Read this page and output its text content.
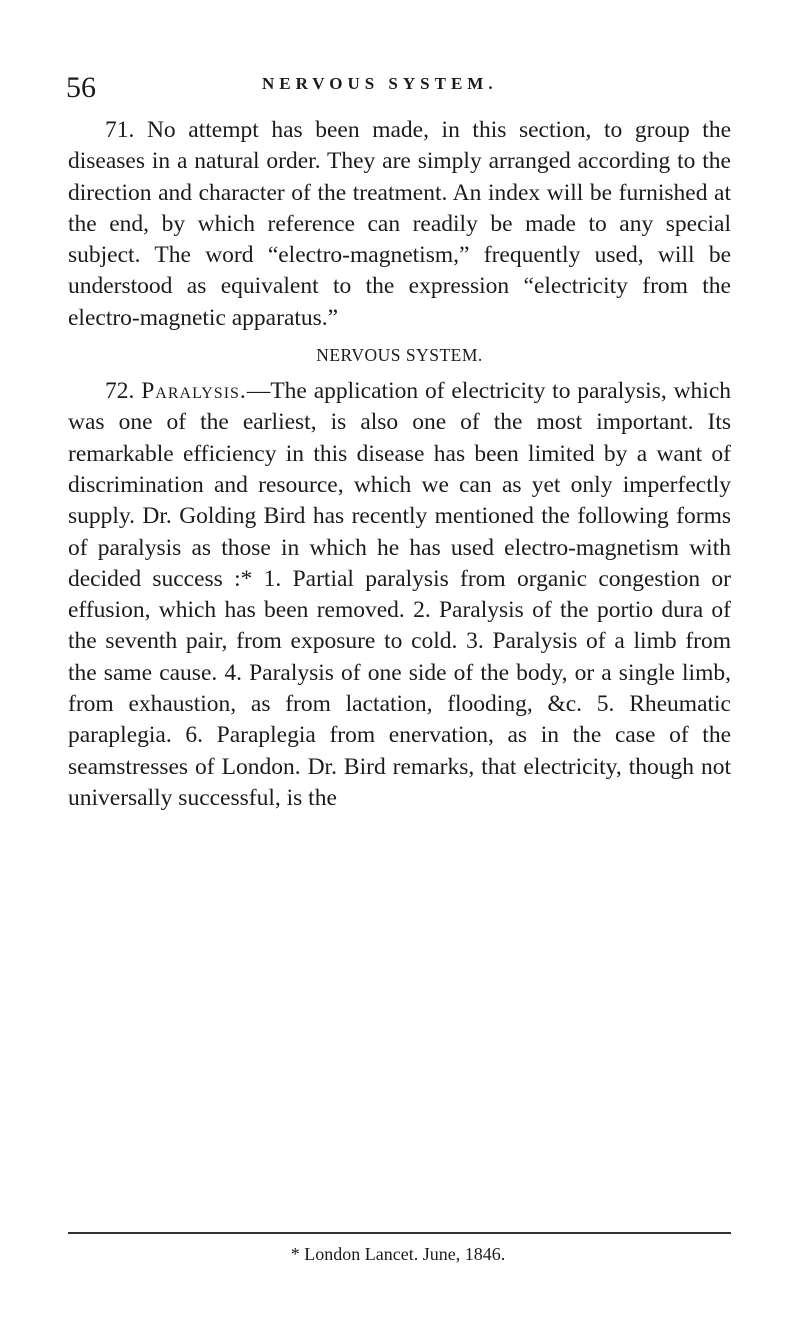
56	NERVOUS SYSTEM.

71. No attempt has been made, in this section, to group the diseases in a natural order. They are simply arranged according to the direction and character of the treatment. An index will be furnished at the end, by which reference can readily be made to any special subject. The word “electro-magnetism,” frequently used, will be understood as equivalent to the expression “electricity from the electro-magnetic apparatus.”

NERVOUS SYSTEM.

72. Paralysis.—The application of electricity to paralysis, which was one of the earliest, is also one of the most important. Its remarkable efficiency in this disease has been limited by a want of discrimination and resource, which we can as yet only imperfectly supply. Dr. Golding Bird has recently mentioned the following forms of paralysis as those in which he has used electro-magnetism with decided success :* 1. Partial paralysis from organic congestion or effusion, which has been removed. 2. Paralysis of the portio dura of the seventh pair, from exposure to cold. 3. Paralysis of a limb from the same cause. 4. Paralysis of one side of the body, or a single limb, from exhaustion, as from lactation, flooding, &c. 5. Rheumatic paraplegia. 6. Paraplegia from enervation, as in the case of the seamstresses of London. Dr. Bird remarks, that electricity, though not universally successful, is the

* London Lancet. June, 1846.
